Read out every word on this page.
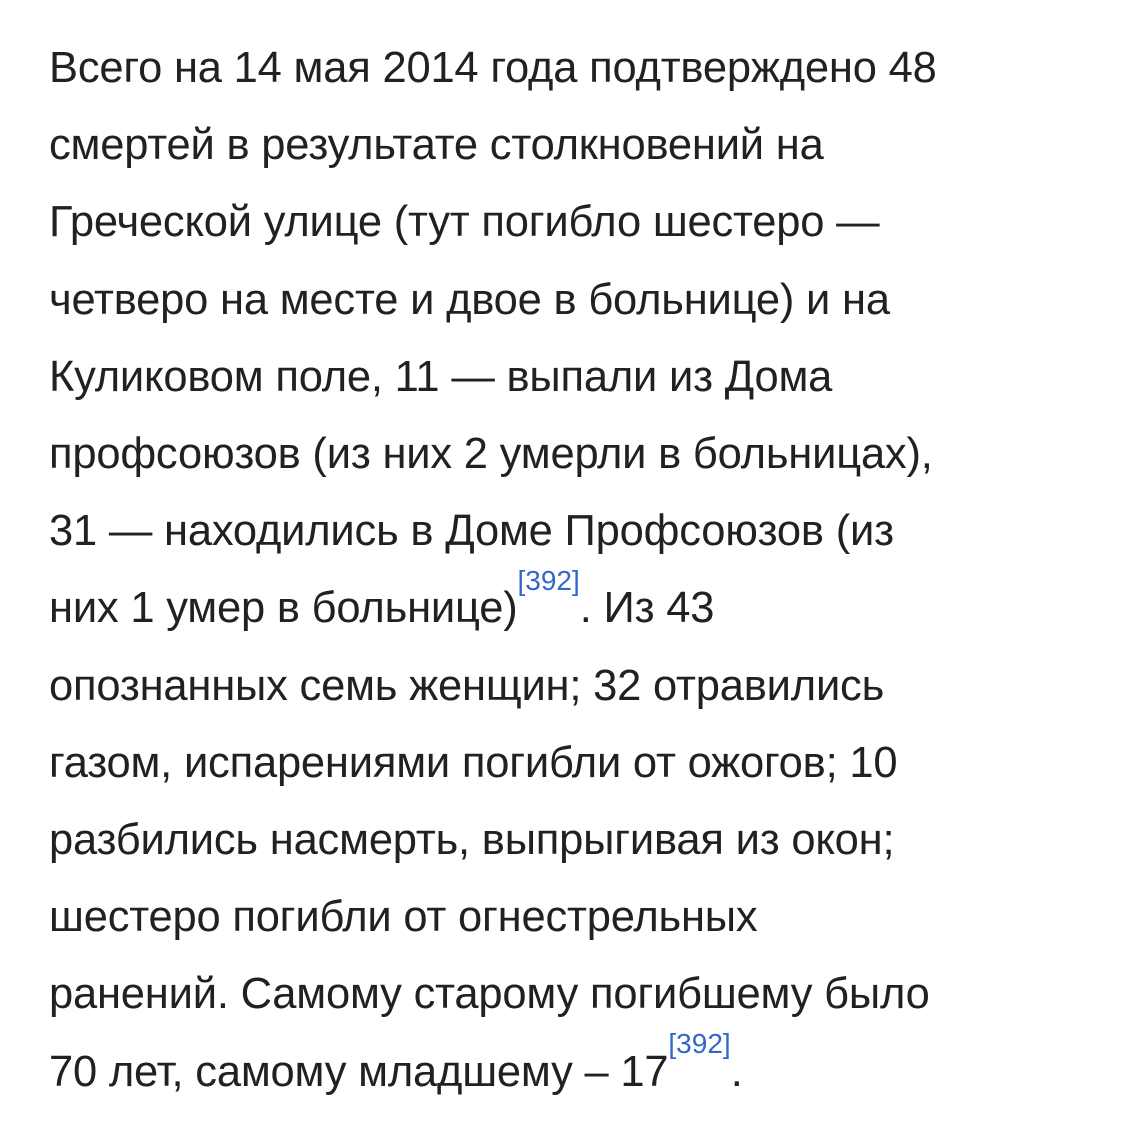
Всего на 14 мая 2014 года подтверждено 48
смертей в результате столкновений на
Греческой улице (тут погибло шестеро —
четверо на месте и двое в больнице) и на
Куликовом поле, 11 — выпали из Дома
профсоюзов (из них 2 умерли в больницах),
31 — находились в Доме Профсоюзов (из
них 1 умер в больнице)[392]. Из 43
опознанных семь женщин; 32 отравились
газом, испарениями погибли от ожогов; 10
разбились насмерть, выпрыгивая из окон;
шестеро погибли от огнестрельных
ранений. Самому старому погибшему было
70 лет, самому младшему – 17[392].
